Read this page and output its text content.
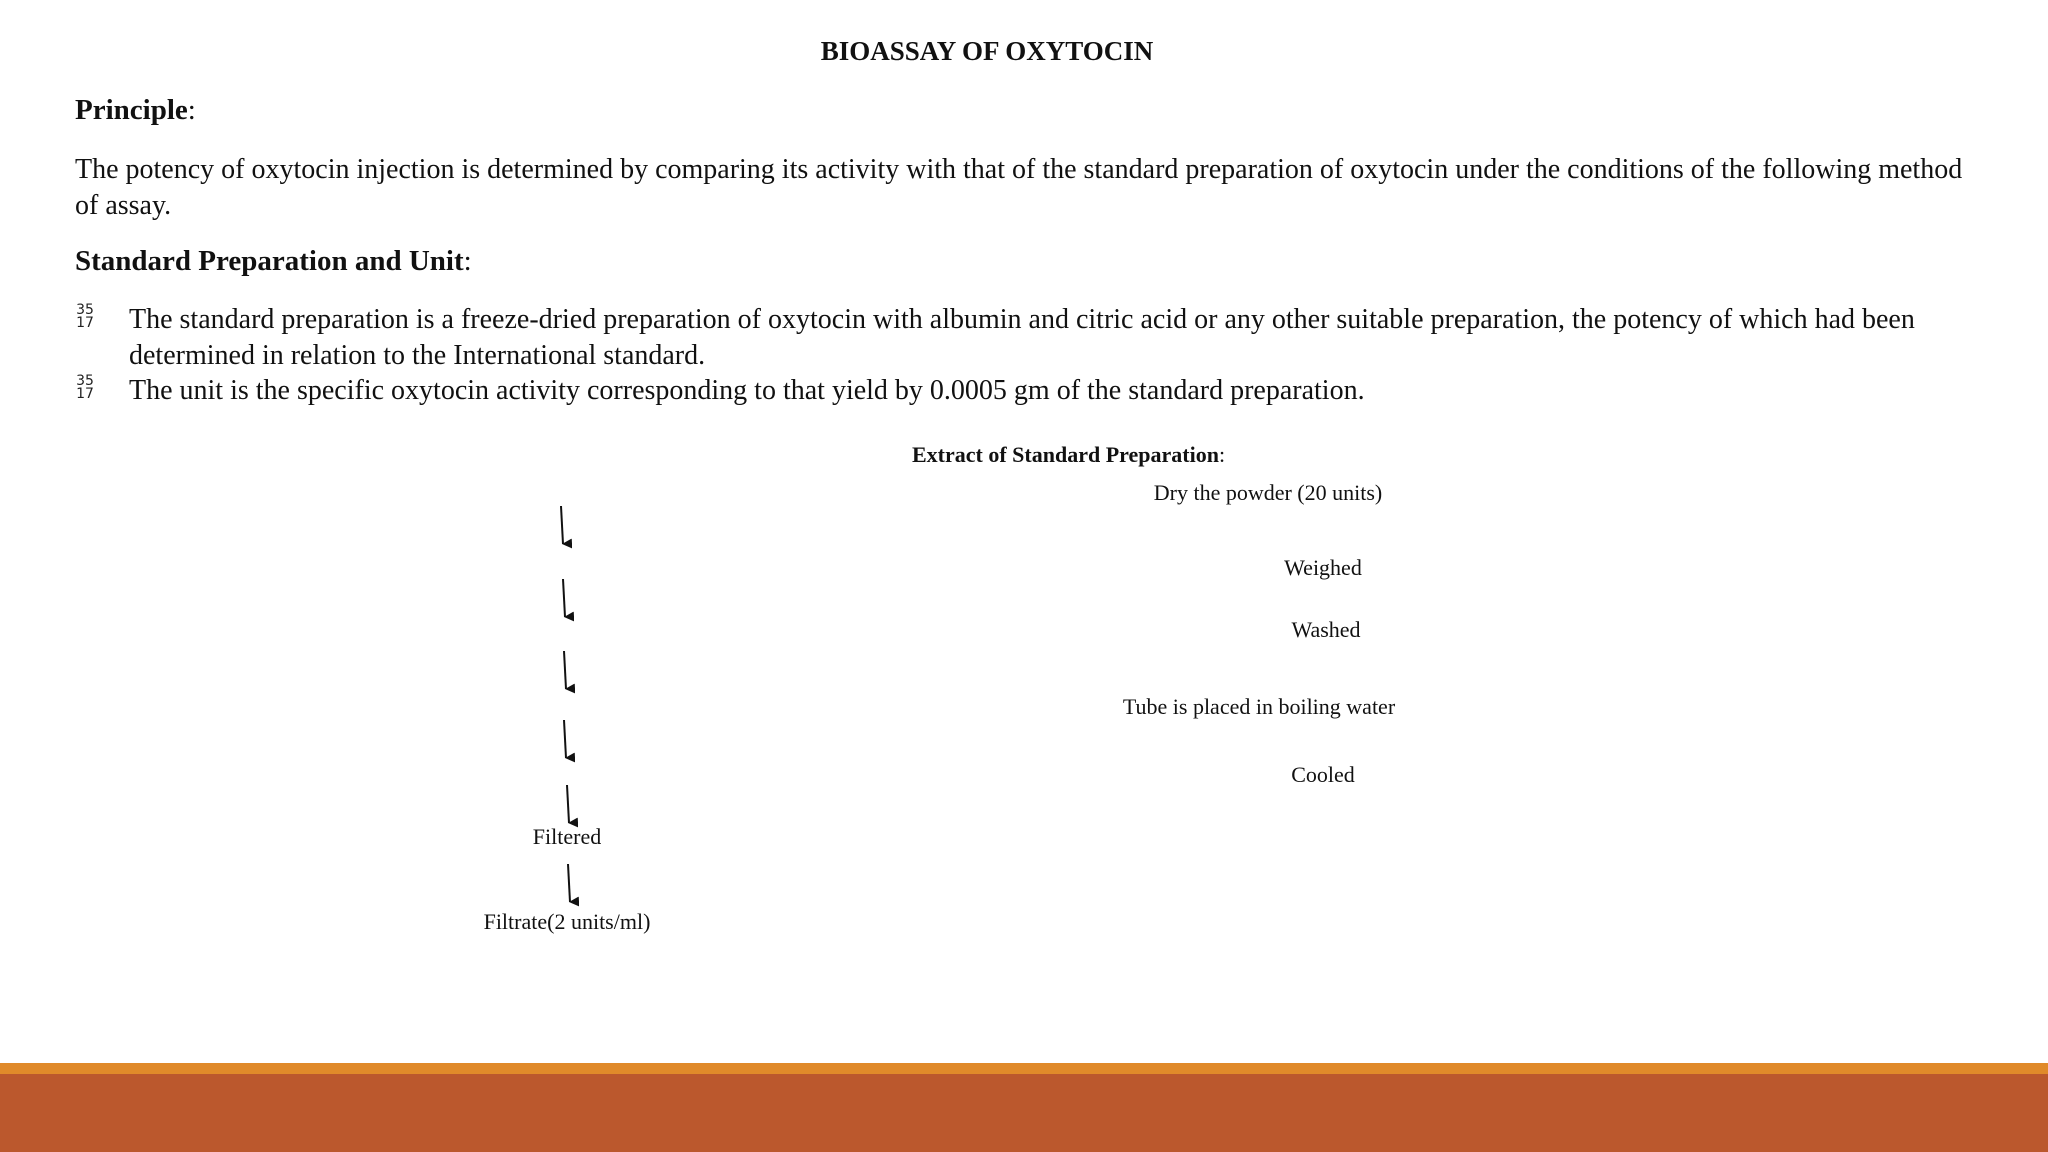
BIOASSAY OF OXYTOCIN
Principle:
The potency of oxytocin injection is determined by comparing its activity with that of the standard preparation of oxytocin under the conditions of the following method of assay.
Standard Preparation and Unit:
35
17 The standard preparation is a freeze-dried preparation of oxytocin with albumin and citric acid or any other suitable preparation, the potency of which had been determined in relation to the International standard.
35
17 The unit is the specific oxytocin activity corresponding to that yield by 0.0005 gm of the standard preparation.
Extract of Standard Preparation:
Dry the powder (20 units)
Weighed
Washed
Tube is placed in boiling water
Cooled
Filtered
Filtrate(2 units/ml)
